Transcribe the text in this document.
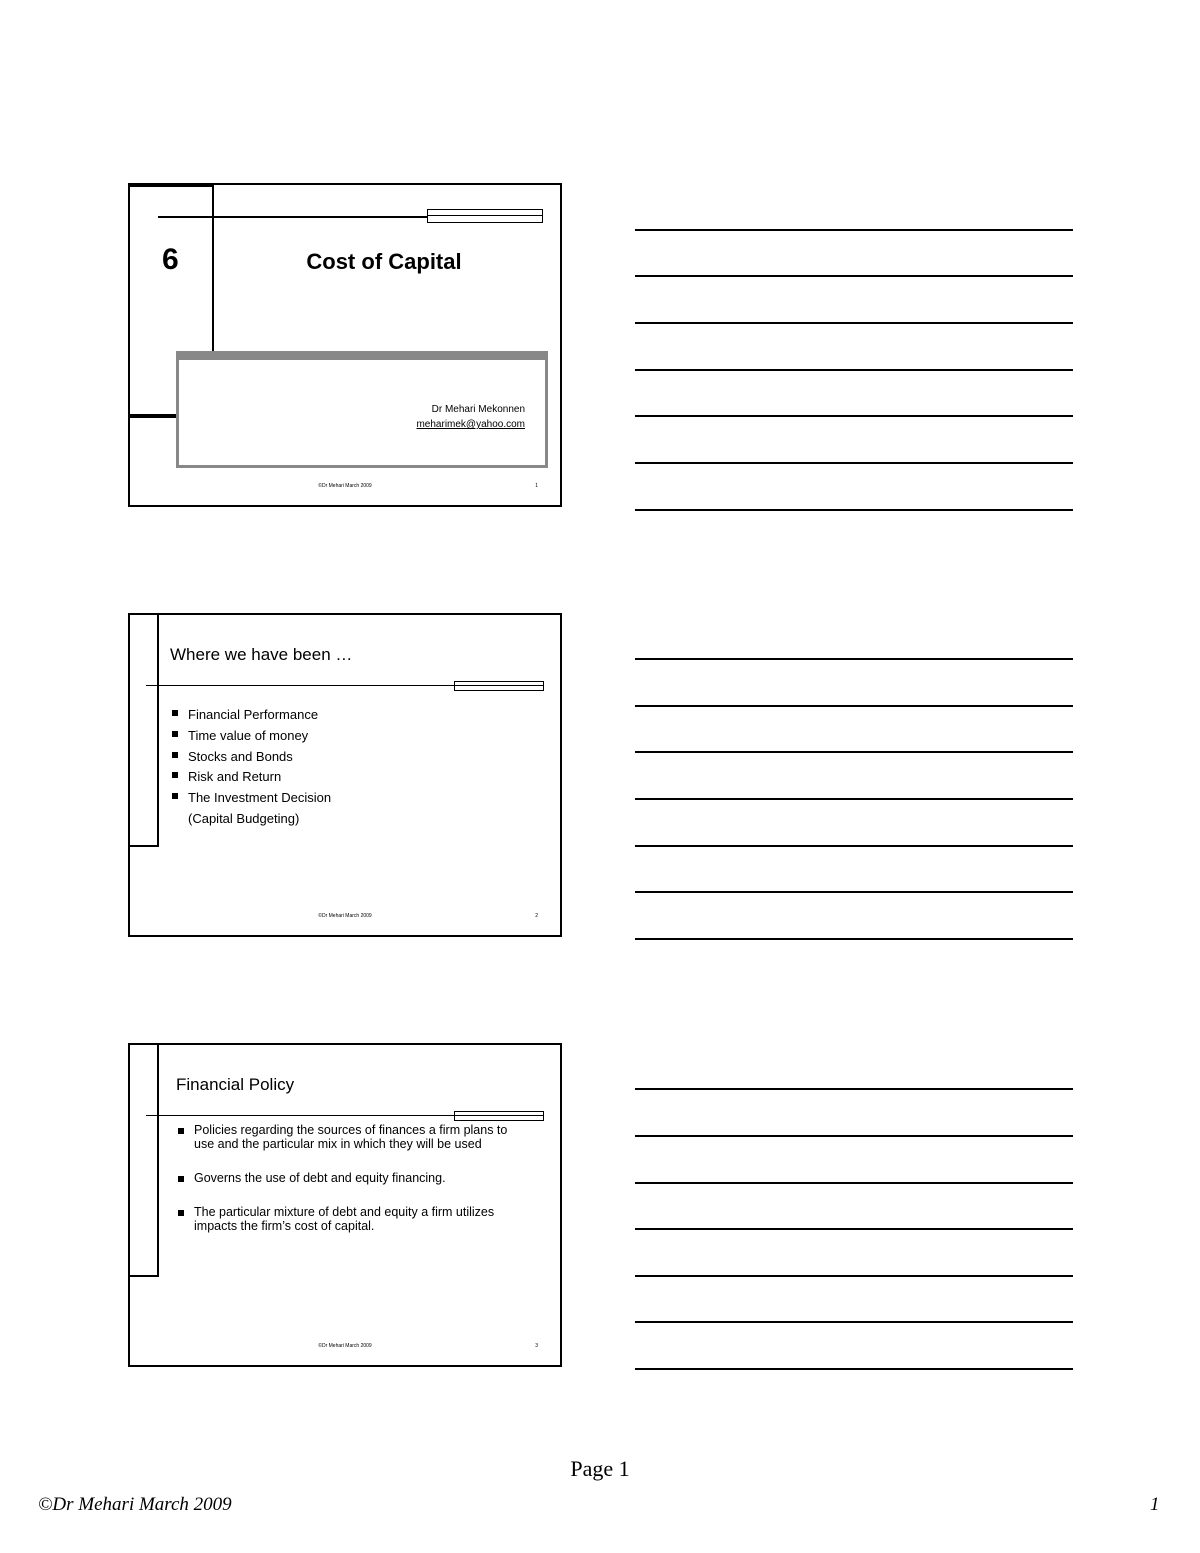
6	Cost of Capital
Dr Mehari Mekonnen
meharimek@yahoo.com
©Dr Mehari March 2009	1
Where we have been …
Financial Performance
Time value of money
Stocks and Bonds
Risk and Return
The Investment Decision (Capital Budgeting)
©Dr Mehari March 2009	2
Financial Policy
Policies regarding the sources of finances a firm plans to use and the particular mix in which they will be used
Governs the use of debt and equity financing.
The particular mixture of debt and equity a firm utilizes impacts the firm’s cost of capital.
©Dr Mehari March 2009	3
Page 1
©Dr Mehari March 2009	1
